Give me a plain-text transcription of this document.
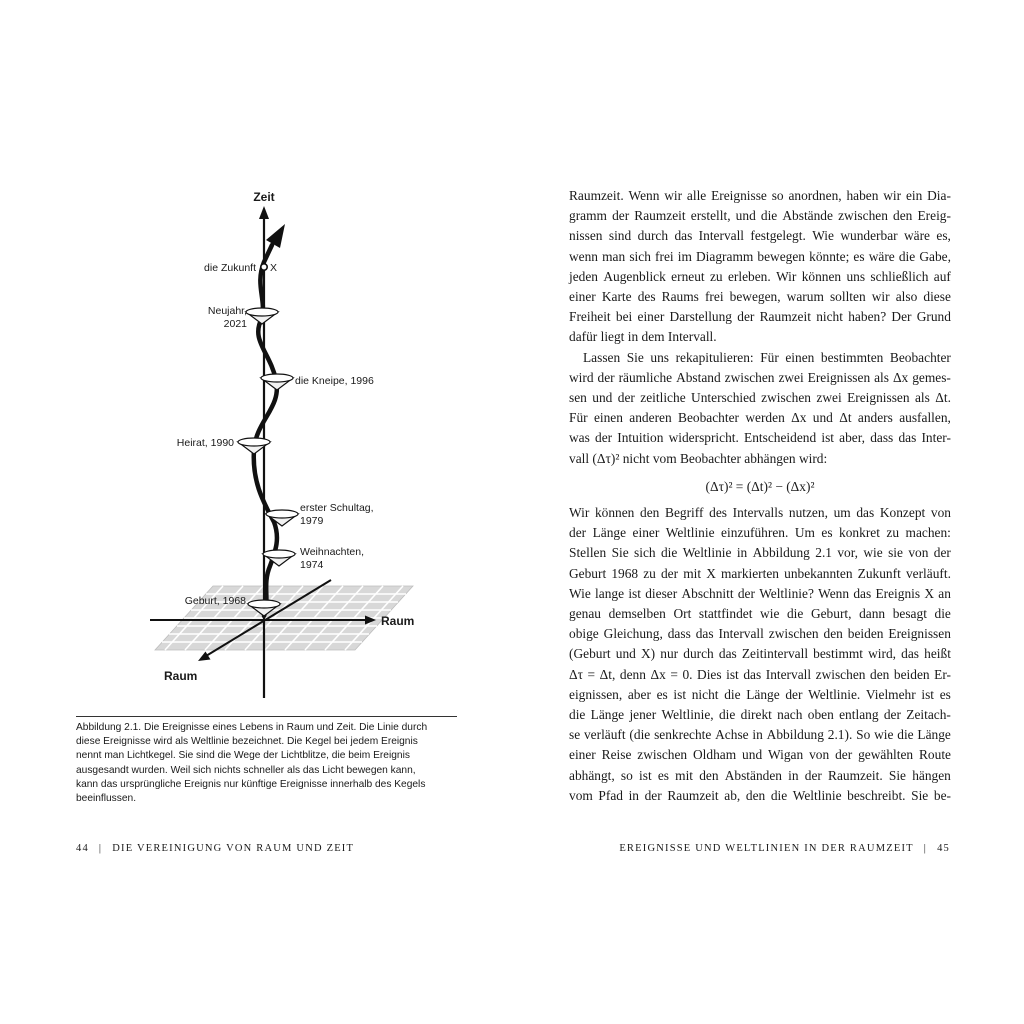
Zeit
Raum
Raum
die Zukunft X
Neujahr,
2021
die Kneipe, 1996
Heirat, 1990
erster Schultag,
1979
Weihnachten,
1974
Geburt, 1968
Abbildung 2.1. Die Ereignisse eines Lebens in Raum und Zeit. Die Linie durch
diese Ereignisse wird als Weltlinie bezeichnet. Die Kegel bei jedem Ereignis
nennt man Lichtkegel. Sie sind die Wege der Lichtblitze, die beim Ereignis
ausgesandt wurden. Weil sich nichts schneller als das Licht bewegen kann,
kann das ursprüngliche Ereignis nur künftige Ereignisse innerhalb des Kegels
beeinflussen.
Raumzeit. Wenn wir alle Ereignisse so anordnen, haben wir ein Dia-
gramm der Raumzeit erstellt, und die Abstände zwischen den Ereig-
nissen sind durch das Intervall festgelegt. Wie wunderbar wäre es,
wenn man sich frei im Diagramm bewegen könnte; es wäre die Gabe,
jeden Augenblick erneut zu erleben. Wir können uns schließlich auf
einer Karte des Raums frei bewegen, warum sollten wir also diese
Freiheit bei einer Darstellung der Raumzeit nicht haben? Der Grund
dafür liegt in dem Intervall.
Lassen Sie uns rekapitulieren: Für einen bestimmten Beobachter
wird der räumliche Abstand zwischen zwei Ereignissen als Δx gemes-
sen und der zeitliche Unterschied zwischen zwei Ereignissen als Δt.
Für einen anderen Beobachter werden Δx und Δt anders ausfallen,
was der Intuition widerspricht. Entscheidend ist aber, dass das Inter-
vall (Δτ)² nicht vom Beobachter abhängen wird:
(Δτ)² = (Δt)² − (Δx)²
Wir können den Begriff des Intervalls nutzen, um das Konzept von
der Länge einer Weltlinie einzuführen. Um es konkret zu machen:
Stellen Sie sich die Weltlinie in Abbildung 2.1 vor, wie sie von der
Geburt 1968 zu der mit X markierten unbekannten Zukunft verläuft.
Wie lange ist dieser Abschnitt der Weltlinie? Wenn das Ereignis X an
genau demselben Ort stattfindet wie die Geburt, dann besagt die
obige Gleichung, dass das Intervall zwischen den beiden Ereignissen
(Geburt und X) nur durch das Zeitintervall bestimmt wird, das heißt
Δτ = Δt, denn Δx = 0. Dies ist das Intervall zwischen den beiden Er-
eignissen, aber es ist nicht die Länge der Weltlinie. Vielmehr ist es
die Länge jener Weltlinie, die direkt nach oben entlang der Zeitach-
se verläuft (die senkrechte Achse in Abbildung 2.1). So wie die Länge
einer Reise zwischen Oldham und Wigan von der gewählten Route
abhängt, so ist es mit den Abständen in der Raumzeit. Sie hängen
vom Pfad in der Raumzeit ab, den die Weltlinie beschreibt. Sie be-
44 | DIE VEREINIGUNG VON RAUM UND ZEIT	EREIGNISSE UND WELTLINIEN IN DER RAUMZEIT | 45
